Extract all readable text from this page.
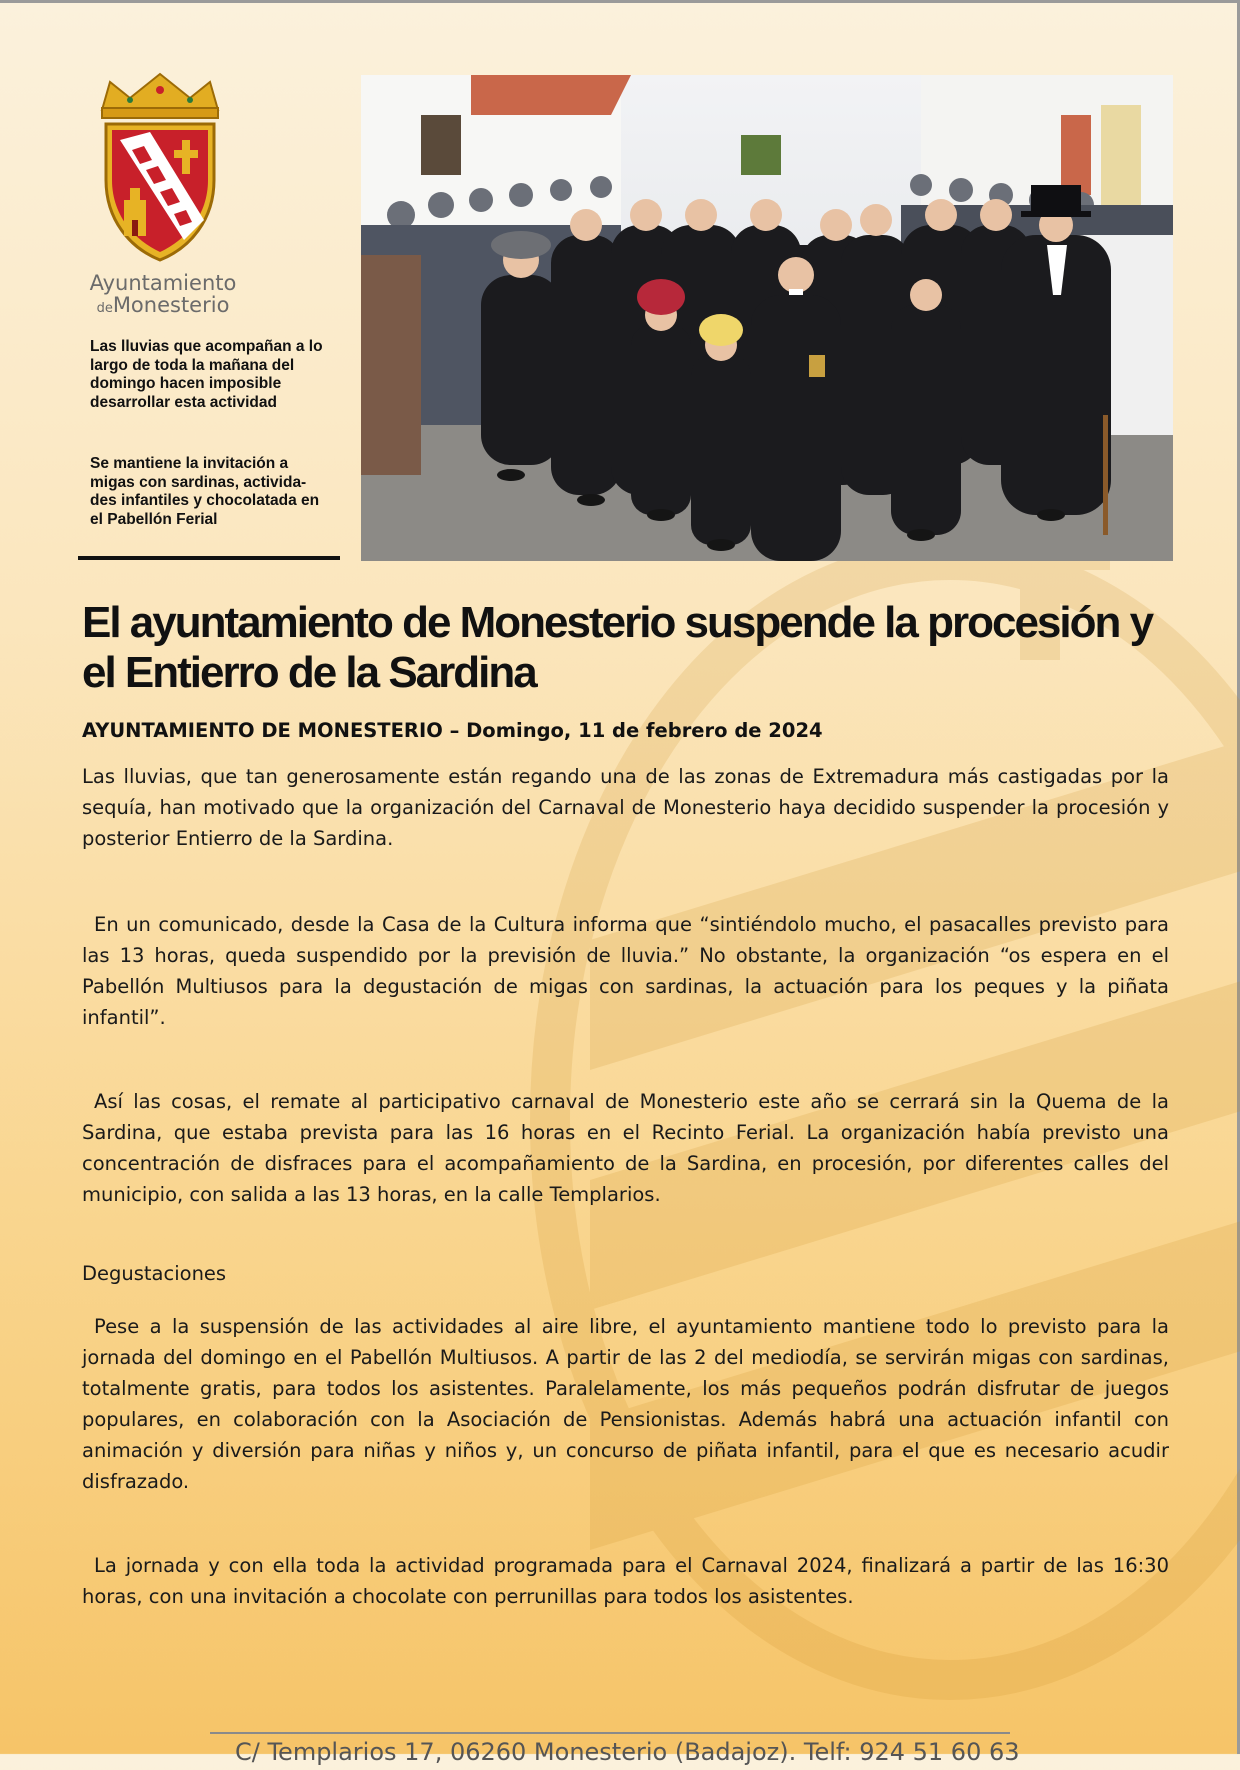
Ayuntamiento
deMonesterio
Las lluvias que acompañan a lo largo de toda la mañana del domingo hacen imposible desarrollar esta actividad
Se mantiene la invitación a migas con sardinas, activida-des infantiles y chocolatada en el Pabellón Ferial
El ayuntamiento de Monesterio suspende la procesión y el Entierro de la Sardina
AYUNTAMIENTO DE MONESTERIO – Domingo, 11 de febrero de 2024

Las lluvias, que tan generosamente están regando una de las zonas de Extremadura más castigadas por la sequía, han motivado que la organización del Carnaval de Monesterio haya decidido suspender la procesión y posterior Entierro de la Sardina.

En un comunicado, desde la Casa de la Cultura informa que “sintiéndolo mucho, el pasacalles previsto para las 13 horas, queda suspendido por la previsión de lluvia.” No obstante, la organización “os espera en el Pabellón Multiusos para la degustación de migas con sardinas, la actuación para los peques y la piñata infantil”.

Así las cosas, el remate al participativo carnaval de Monesterio este año se cerrará sin la Quema de la Sardina, que estaba prevista para las 16 horas en el Recinto Ferial. La organización había previsto una concentración de disfraces para el acompañamiento de la Sardina, en procesión, por diferentes calles del municipio, con salida a las 13 horas, en la calle Templarios.

Degustaciones

Pese a la suspensión de las actividades al aire libre, el ayuntamiento mantiene todo lo previsto para la jornada del domingo en el Pabellón Multiusos. A partir de las 2 del mediodía, se servirán migas con sardinas, totalmente gratis, para todos los asistentes. Paralelamente, los más pequeños podrán disfrutar de juegos populares, en colaboración con la Asociación de Pensionistas. Además habrá una actuación infantil con animación y diversión para niñas y niños y, un concurso de piñata infantil, para el que es necesario acudir disfrazado.

La jornada y con ella toda la actividad programada para el Carnaval 2024, finalizará a partir de las 16:30 horas, con una invitación a chocolate con perrunillas para todos los asistentes.

C/ Templarios 17, 06260 Monesterio (Badajoz). Telf: 924 51 60 63
